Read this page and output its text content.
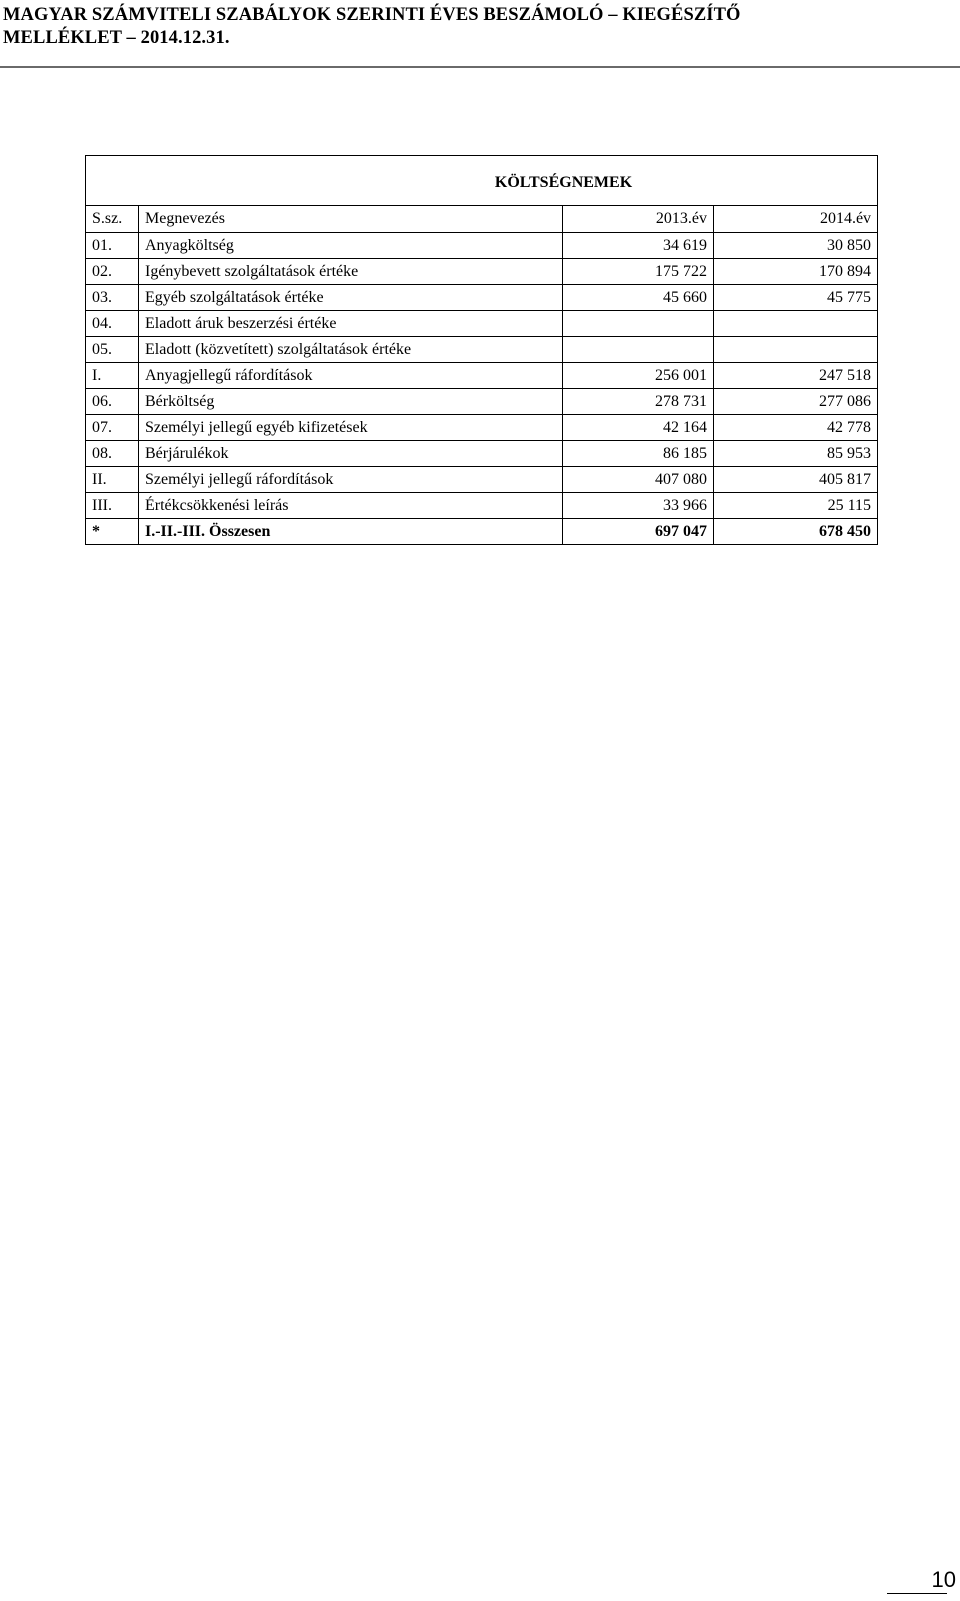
MAGYAR SZÁMVITELI SZABÁLYOK SZERINTI ÉVES BESZÁMOLÓ – KIEGÉSZÍTŐ
MELLÉKLET – 2014.12.31.
KÖLTSÉGNEMEK			
S.sz.	Megnevezés	2013.év	2014.év
01.	Anyagköltség	34 619	30 850
02.	Igénybevett szolgáltatások értéke	175 722	170 894
03.	Egyéb szolgáltatások értéke	45 660	45 775
04.	Eladott áruk beszerzési értéke		
05.	Eladott (közvetített) szolgáltatások értéke		
I.	Anyagjellegű ráfordítások	256 001	247 518
06.	Bérköltség	278 731	277 086
07.	Személyi jellegű egyéb kifizetések	42 164	42 778
08.	Bérjárulékok	86 185	85 953
II.	Személyi jellegű ráfordítások	407 080	405 817
III.	Értékcsökkenési leírás	33 966	25 115
*	I.-II.-III. Összesen	697 047	678 450
10
